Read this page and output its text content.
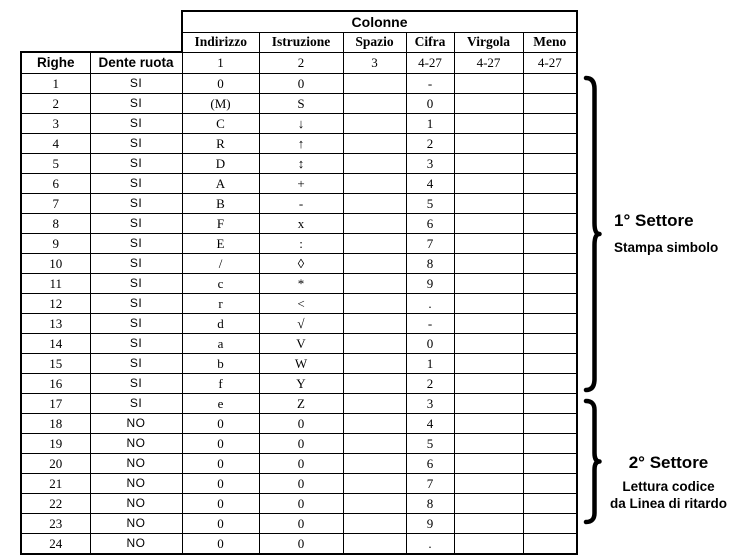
		Colonne					
		Indirizzo	Istruzione	Spazio	Cifra	Virgola	Meno
Righe	Dente ruota	1	2	3	4-27	4-27	4-27
1	SI	0	0		-		
2	SI	(M)	S		0		
3	SI	C	↓		1		
4	SI	R	↑		2		
5	SI	D	↕		3		
6	SI	A	+		4		
7	SI	B	-		5		
8	SI	F	x		6		
9	SI	E	:		7		
10	SI	/	◊		8		
11	SI	c	*		9		
12	SI	r	<		.		
13	SI	d	√		-		
14	SI	a	V		0		
15	SI	b	W		1		
16	SI	f	Y		2		
17	SI	e	Z		3		
18	NO	0	0		4		
19	NO	0	0		5		
20	NO	0	0		6		
21	NO	0	0		7		
22	NO	0	0		8		
23	NO	0	0		9		
24	NO	0	0		.		
1° Settore
Stampa simbolo
2° Settore
Lettura codice
da Linea di ritardo
